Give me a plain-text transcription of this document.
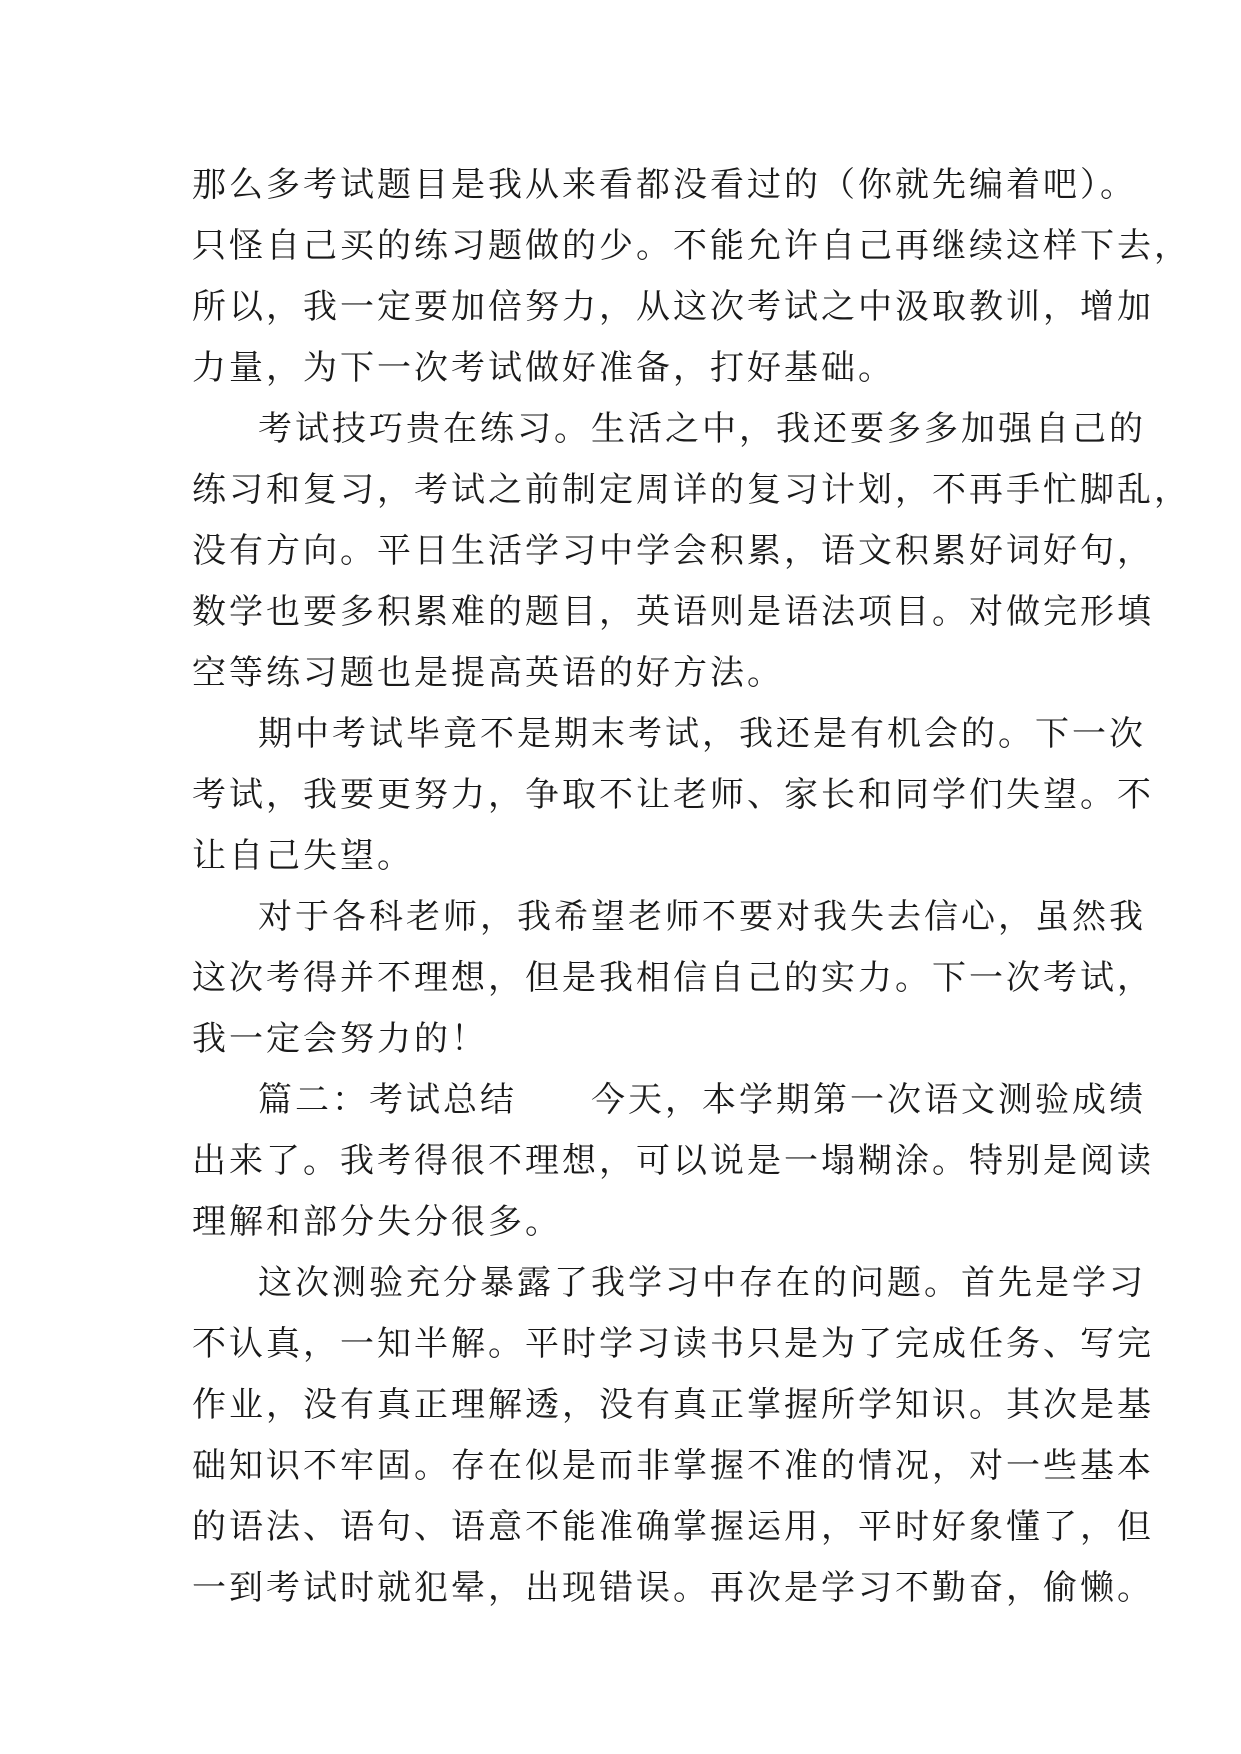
那么多考试题目是我从来看都没看过的（你就先编着吧）。
只怪自己买的练习题做的少。不能允许自己再继续这样下去，
所以，我一定要加倍努力，从这次考试之中汲取教训，增加
力量，为下一次考试做好准备，打好基础。
考试技巧贵在练习。生活之中，我还要多多加强自己的
练习和复习，考试之前制定周详的复习计划，不再手忙脚乱，
没有方向。平日生活学习中学会积累，语文积累好词好句，
数学也要多积累难的题目，英语则是语法项目。对做完形填
空等练习题也是提高英语的好方法。
期中考试毕竟不是期末考试，我还是有机会的。下一次
考试，我要更努力，争取不让老师、家长和同学们失望。不
让自己失望。
对于各科老师，我希望老师不要对我失去信心，虽然我
这次考得并不理想，但是我相信自己的实力。下一次考试，
我一定会努力的！
篇二：考试总结　　今天，本学期第一次语文测验成绩
出来了。我考得很不理想，可以说是一塌糊涂。特别是阅读
理解和部分失分很多。
这次测验充分暴露了我学习中存在的问题。首先是学习
不认真，一知半解。平时学习读书只是为了完成任务、写完
作业，没有真正理解透，没有真正掌握所学知识。其次是基
础知识不牢固。存在似是而非掌握不准的情况，对一些基本
的语法、语句、语意不能准确掌握运用，平时好象懂了，但
一到考试时就犯晕，出现错误。再次是学习不勤奋，偷懒。
